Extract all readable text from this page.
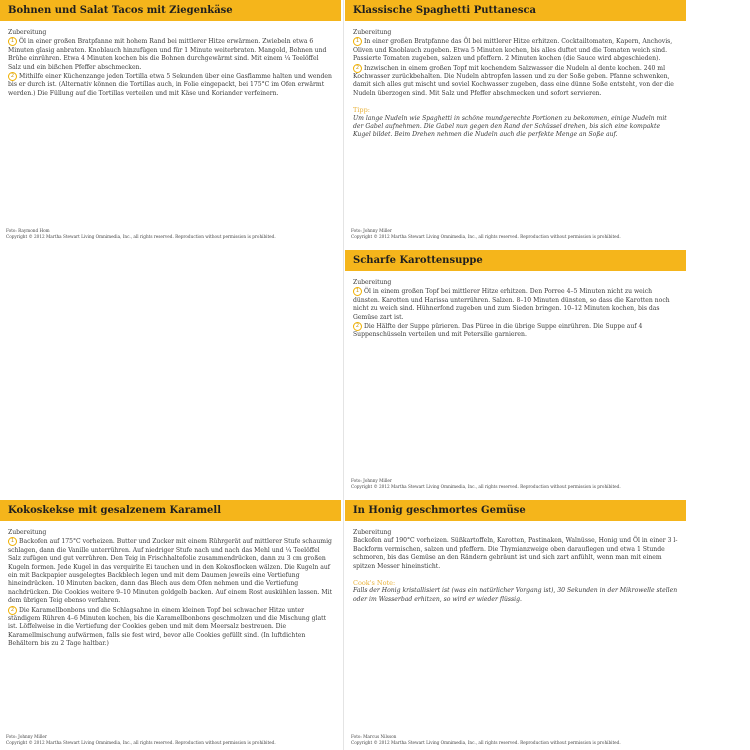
Bohnen und Salat Tacos mit Ziegenkäse
Zubereitung

1 Öl in einer großen Bratpfanne mit hohem Rand bei mittlerer Hitze erwärmen. Zwiebeln etwa 6 Minuten glasig anbraten. Knoblauch hinzufügen und für 1 Minute weiterbraten. Mangold, Bohnen und Brühe einrühren. Etwa 4 Minuten kochen bis die Bohnen durchgewärmt sind. Mit einem ¼ Teelöffel Salz und ein bißchen Pfeffer abschmecken.

2 Mithilfe einer Küchenzange jeden Tortilla etwa 5 Sekunden über eine Gasflamme halten und wenden bis er durch ist. (Alternativ können die Tortillas auch, in Folie eingepackt, bei 175°C im Ofen erwärmt werden.) Die Füllung auf die Tortillas verteilen und mit Käse und Koriander verfeinern.

Foto: Raymond Hom
Copyright © 2012 Martha Stewart Living Omnimedia, Inc., all rights reserved. Reproduction without permission is prohibited.
Klassische Spaghetti Puttanesca
Zubereitung

1 In einer großen Bratpfanne das Öl bei mittlerer Hitze erhitzen. Cocktailtomaten, Kapern, Anchovis, Oliven und Knoblauch zugeben. Etwa 5 Minuten kochen, bis alles duftet und die Tomaten weich sind. Passierte Tomaten zugeben, salzen und pfeffern. 2 Minuten kochen (die Sauce wird abgeschieden).

2 Inzwischen in einem großen Topf mit kochendem Salzwasser die Nudeln al dente kochen. 240 ml Kochwasser zurückbehalten. Die Nudeln abtropfen lassen und zu der Soße geben. Pfanne schwenken, damit sich alles gut mischt und soviel Kochwasser zugeben, dass eine dünne Soße entsteht, von der die Nudeln überzogen sind. Mit Salz und Pfeffer abschmecken und sofort servieren.

Tipp:
Um lange Nudeln wie Spaghetti in schöne mundgerechte Portionen zu bekommen, einige Nudeln mit der Gabel aufnehmen. Die Gabel nun gegen den Rand der Schüssel drehen, bis sich eine kompakte Kugel bildet. Beim Drehen nehmen die Nudeln auch die perfekte Menge an Soße auf.
Foto: Johnny Miller
Copyright © 2012 Martha Stewart Living Omnimedia, Inc., all rights reserved. Reproduction without permission is prohibited.
Scharfe Karottensuppe
Zubereitung

1 Öl in einem großen Topf bei mittlerer Hitze erhitzen. Den Porree 4–5 Minuten nicht zu weich dünsten. Karotten und Harissa unterrühren. Salzen. 8–10 Minuten dünsten, so dass die Karotten noch nicht zu weich sind. Hühnerfond zugeben und zum Sieden bringen. 10–12 Minuten kochen, bis das Gemüse zart ist.

2 Die Hälfte der Suppe pürieren. Das Püree in die übrige Suppe einrühren. Die Suppe auf 4 Suppenschüsseln verteilen und mit Petersilie garnieren.

Foto: Johnny Miller
Copyright © 2012 Martha Stewart Living Omnimedia, Inc., all rights reserved. Reproduction without permission is prohibited.
Kokoskekse mit gesalzenem Karamell
Zubereitung

1 Backofen auf 175°C vorheizen. Butter und Zucker mit einem Rührgerät auf mittlerer Stufe schaumig schlagen, dann die Vanille unterrühren. Auf niedriger Stufe nach und nach das Mehl und ¼ Teelöffel Salz zufügen und gut verrühren. Den Teig in Frischhaltefolie zusammendrücken, dann zu 3 cm großen Kugeln formen. Jede Kugel in das verquirlte Ei tauchen und in den Kokosflocken wälzen. Die Kugeln auf ein mit Backpapier ausgelegtes Backblech legen und mit dem Daumen jeweils eine Vertiefung hineindrücken. 10 Minuten backen, dann das Blech aus dem Ofen nehmen und die Vertiefung nachdrücken. Die Cookies weitere 9–10 Minuten goldgelb backen. Auf einem Rost auskühlen lassen. Mit dem übrigen Teig ebenso verfahren.

2 Die Karamellbonbons und die Schlagsahne in einem kleinen Topf bei schwacher Hitze unter ständigem Rühren 4–6 Minuten kochen, bis die Karamellbonbons geschmolzen und die Mischung glatt ist. Löffelweise in die Vertiefung der Cookies geben und mit dem Meersalz bestreuen. Die Karamellmischung aufwärmen, falls sie fest wird, bevor alle Cookies gefüllt sind. (In luftdichten Behältern bis zu 2 Tage haltbar.)

Foto: Johnny Miller
Copyright © 2012 Martha Stewart Living Omnimedia, Inc., all rights reserved. Reproduction without permission is prohibited.
In Honig geschmortes Gemüse
Zubereitung

Backofen auf 190°C vorheizen. Süßkartoffeln, Karotten, Pastinaken, Walnüsse, Honig und Öl in einer 3 l-Backform vermischen, salzen und pfeffern. Die Thymianzweige oben darauflegen und etwa 1 Stunde schmoren, bis das Gemüse an den Rändern gebräunt ist und sich zart anfühlt, wenn man mit einem spitzen Messer hineinsticht.

Cook's Note:
Falls der Honig kristallisiert ist (was ein natürlicher Vorgang ist), 30 Sekunden in der Mikrowelle stellen oder im Wasserbad erhitzen, so wird er wieder flüssig.
Foto: Marcus Nilsson
Copyright © 2012 Martha Stewart Living Omnimedia, Inc., all rights reserved. Reproduction without permission is prohibited.
